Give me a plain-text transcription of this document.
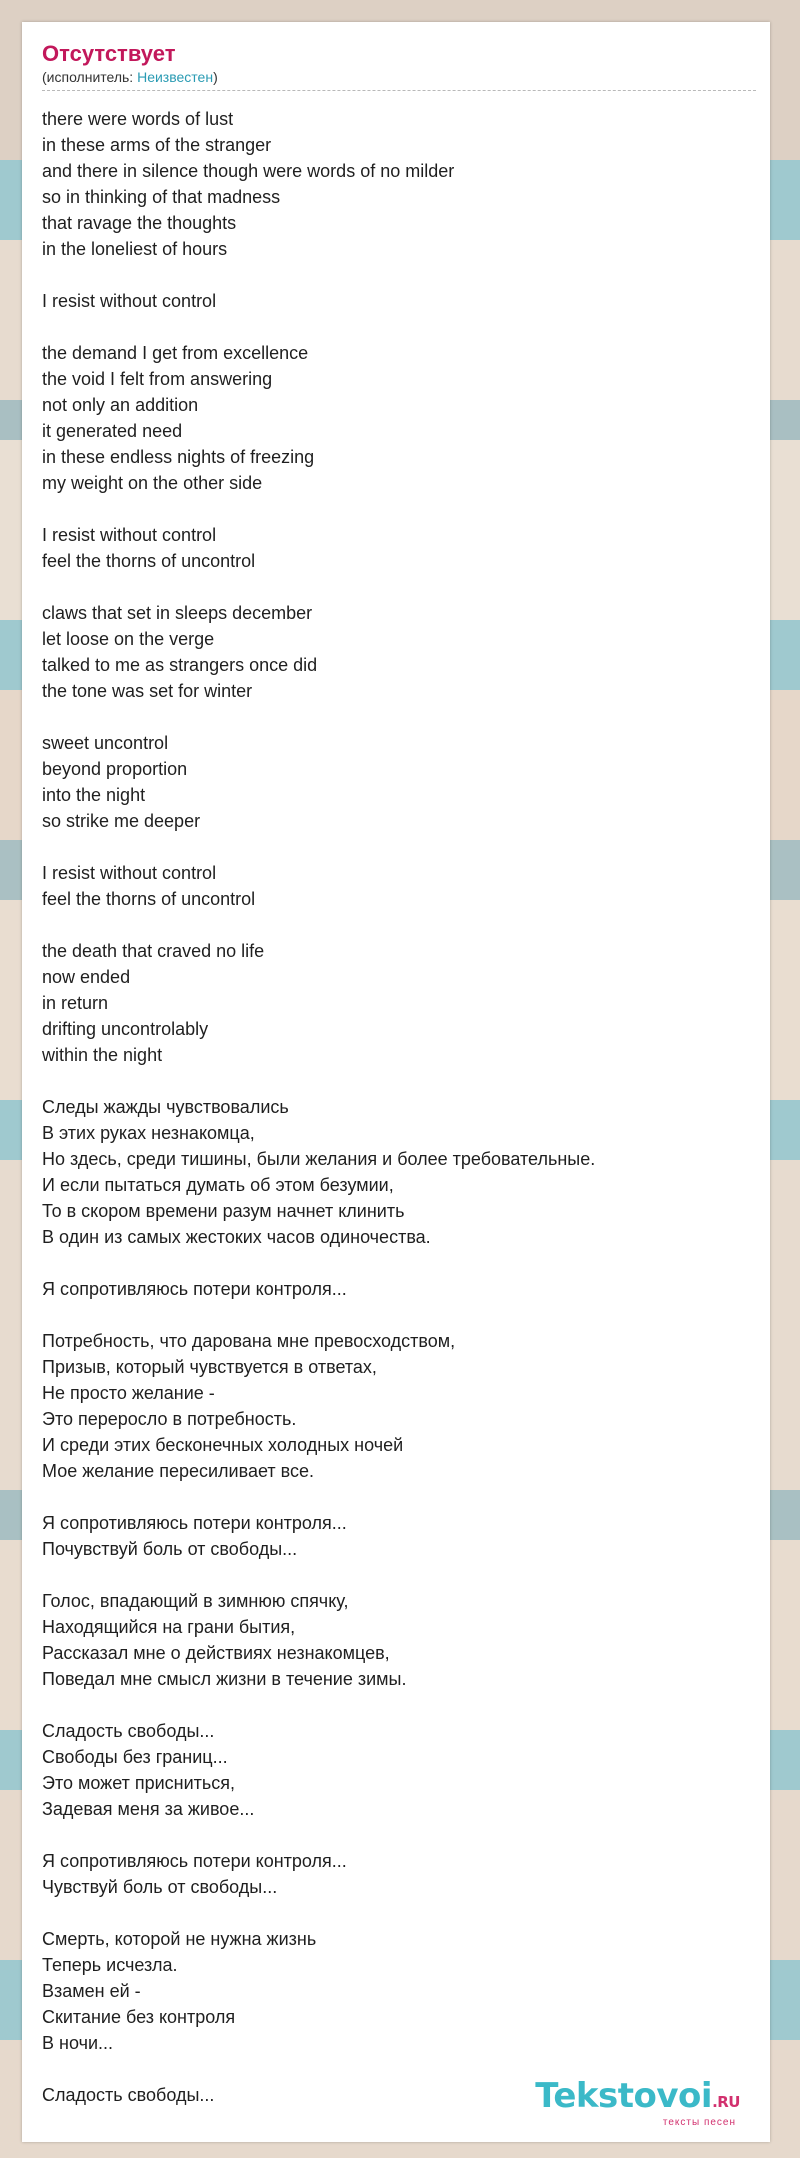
Отсутствует
(исполнитель: Неизвестен)
there were words of lust
in these arms of the stranger
and there in silence though were words of no milder
so in thinking of that madness
that ravage the thoughts
in the loneliest of hours

I resist without control

the demand I get from excellence
the void I felt from answering
not only an addition
it generated need
in these endless nights of freezing
my weight on the other side

I resist without control
feel the thorns of uncontrol

claws that set in sleeps december
let loose on the verge
talked to me as strangers once did
the tone was set for winter

sweet uncontrol
beyond proportion
into the night
so strike me deeper

I resist without control
feel the thorns of uncontrol

the death that craved no life
now ended
in return
drifting uncontrolably
within the night

Следы жажды чувствовались
В этих руках незнакомца,
Но здесь, среди тишины, были желания и более требовательные.
И если пытаться думать об этом безумии,
То в скором времени разум начнет клинить
В один из самых жестоких часов одиночества.

Я сопротивляюсь потери контроля...

Потребность, что дарована мне превосходством,
Призыв, который чувствуется в ответах,
Не просто желание -
Это переросло в потребность.
И среди этих бесконечных холодных ночей
Мое желание пересиливает все.

Я сопротивляюсь потери контроля...
Почувствуй боль от свободы...

Голос, впадающий в зимнюю спячку,
Находящийся на грани бытия,
Рассказал мне о действиях незнакомцев,
Поведал мне смысл жизни в течение зимы.

Сладость свободы...
Свободы без границ...
Это может присниться,
Задевая меня за живое...

Я сопротивляюсь потери контроля...
Чувствуй боль от свободы...

Смерть, которой не нужна жизнь
Теперь исчезла.
Взамен ей -
Скитание без контроля
В ночи...

Сладость свободы...	Tekstovoi.RU
тексты песен
